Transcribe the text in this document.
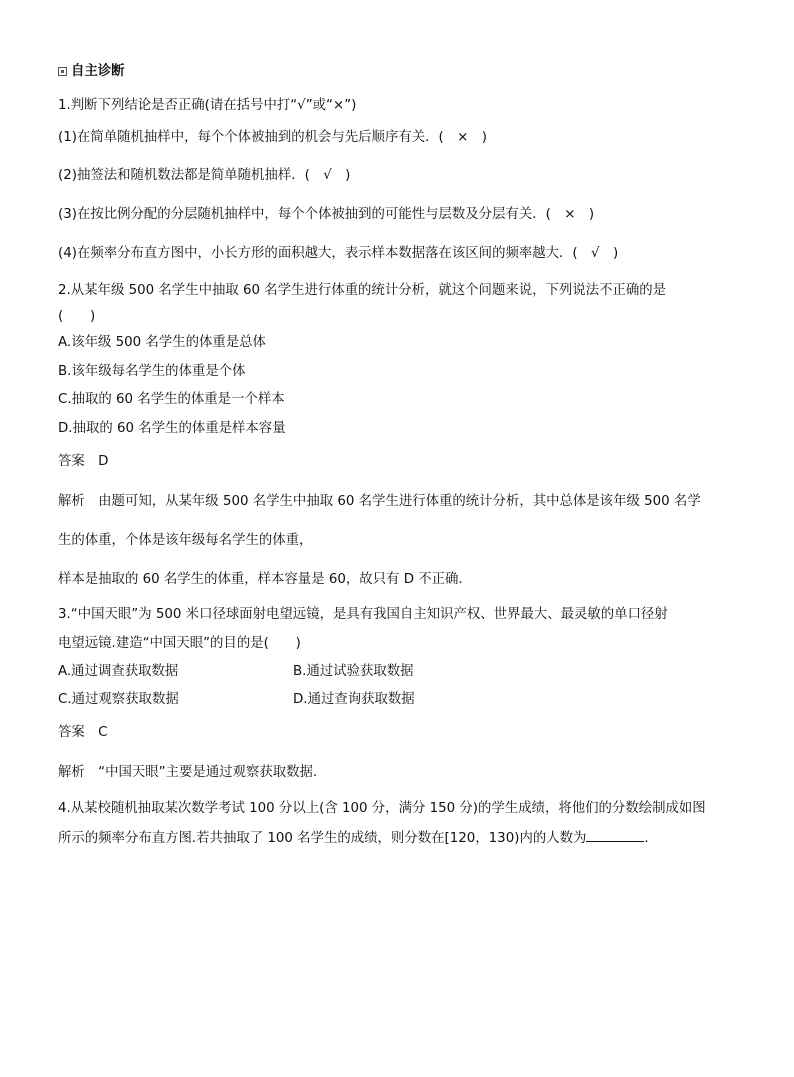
自主诊断
1.判断下列结论是否正确(请在括号中打“√”或“×”)
(1)在简单随机抽样中，每个个体被抽到的机会与先后顺序有关．(　×　)
(2)抽签法和随机数法都是简单随机抽样．(　√　)
(3)在按比例分配的分层随机抽样中，每个个体被抽到的可能性与层数及分层有关．(　×　)
(4)在频率分布直方图中，小长方形的面积越大，表示样本数据落在该区间的频率越大．(　√　)
2.从某年级 500 名学生中抽取 60 名学生进行体重的统计分析，就这个问题来说，下列说法不正确的是
(　　)
A.该年级 500 名学生的体重是总体
B.该年级每名学生的体重是个体
C.抽取的 60 名学生的体重是一个样本
D.抽取的 60 名学生的体重是样本容量
答案　D
解析　由题可知，从某年级 500 名学生中抽取 60 名学生进行体重的统计分析，其中总体是该年级 500 名学
生的体重，个体是该年级每名学生的体重，
样本是抽取的 60 名学生的体重，样本容量是 60，故只有 D 不正确.
3.“中国天眼”为 500 米口径球面射电望远镜，是具有我国自主知识产权、世界最大、最灵敏的单口径射
电望远镜.建造“中国天眼”的目的是(　　)
A.通过调查获取数据	B.通过试验获取数据
C.通过观察获取数据	D.通过查询获取数据
答案　C
解析　“中国天眼”主要是通过观察获取数据.
4.从某校随机抽取某次数学考试 100 分以上(含 100 分，满分 150 分)的学生成绩，将他们的分数绘制成如图
所示的频率分布直方图.若共抽取了 100 名学生的成绩，则分数在[120，130)内的人数为	.
